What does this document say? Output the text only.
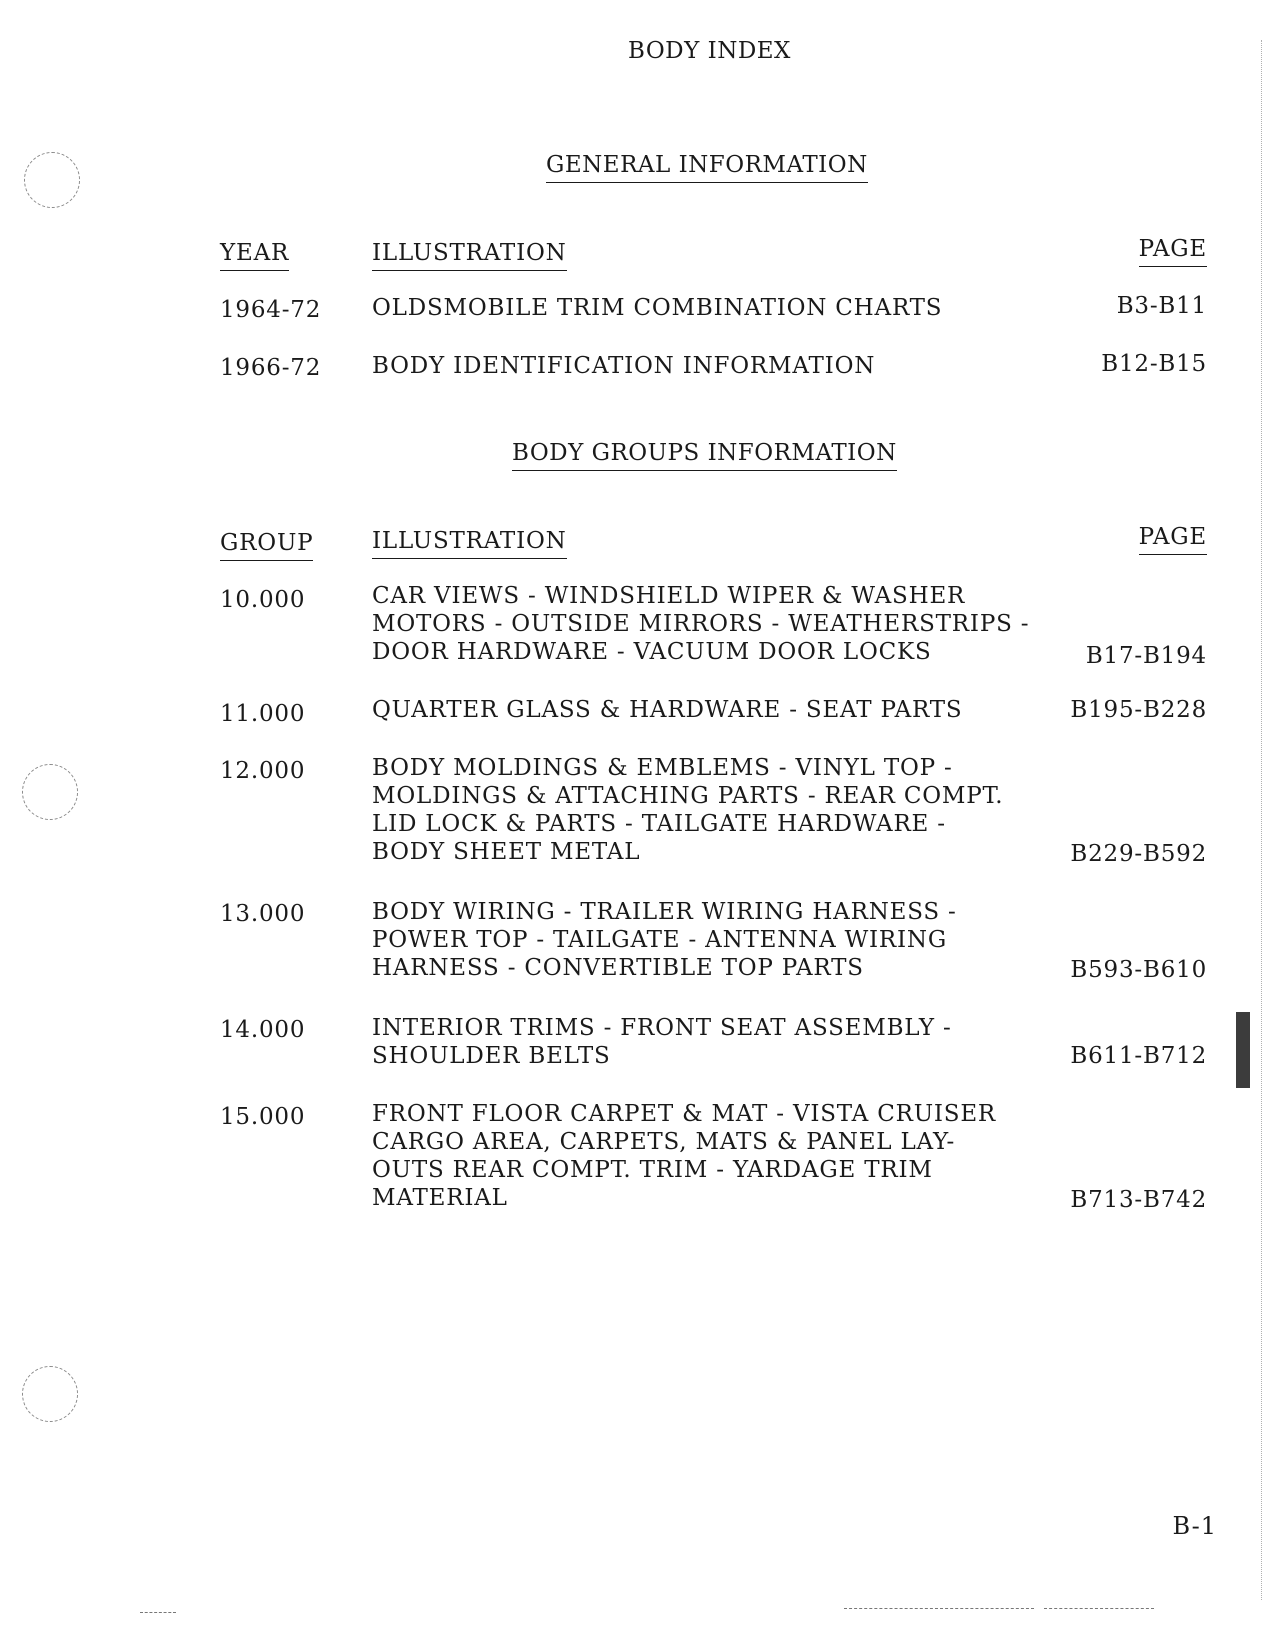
BODY INDEX
GENERAL INFORMATION
YEAR	ILLUSTRATION	PAGE
1964-72 OLDSMOBILE TRIM COMBINATION CHARTS	B3-B11
1966-72 BODY IDENTIFICATION INFORMATION	B12-B15
BODY GROUPS INFORMATION
GROUP	ILLUSTRATION	PAGE
10.000	CAR VIEWS - WINDSHIELD WIPER & WASHER
MOTORS - OUTSIDE MIRRORS - WEATHERSTRIPS -
DOOR HARDWARE - VACUUM DOOR LOCKS	B17-B194
11.000	QUARTER GLASS & HARDWARE - SEAT PARTS	B195-B228
12.000	BODY MOLDINGS & EMBLEMS - VINYL TOP -
MOLDINGS & ATTACHING PARTS - REAR COMPT.
LID LOCK & PARTS - TAILGATE HARDWARE -
BODY SHEET METAL	B229-B592
13.000	BODY WIRING - TRAILER WIRING HARNESS -
POWER TOP - TAILGATE - ANTENNA WIRING
HARNESS - CONVERTIBLE TOP PARTS	B593-B610
14.000	INTERIOR TRIMS - FRONT SEAT ASSEMBLY -
SHOULDER BELTS	B611-B712
15.000	FRONT FLOOR CARPET & MAT - VISTA CRUISER
CARGO AREA, CARPETS, MATS & PANEL LAY-
OUTS REAR COMPT. TRIM - YARDAGE TRIM
MATERIAL	B713-B742
B-1
